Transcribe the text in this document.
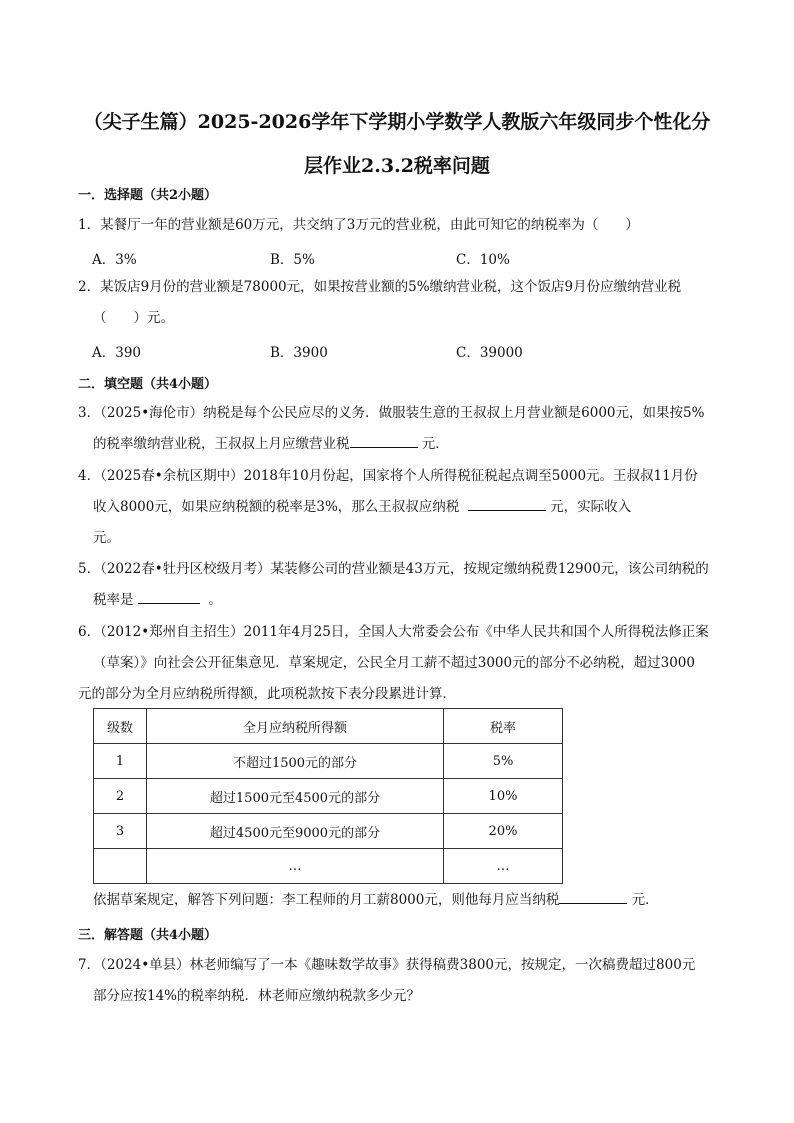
（尖子生篇）2025-2026学年下学期小学数学人教版六年级同步个性化分
层作业2.3.2税率问题
一．选择题（共2小题）
1．某餐厅一年的营业额是60万元，共交纳了3万元的营业税，由此可知它的纳税率为（　　）
A．3%	B．5%	C．10%
2．某饭店9月份的营业额是78000元，如果按营业额的5%缴纳营业税，这个饭店9月份应缴纳营业税
（　　）元。
A．390	B．3900	C．39000
二．填空题（共4小题）
3．（2025•海伦市）纳税是每个公民应尽的义务．做服装生意的王叔叔上月营业额是6000元，如果按5%
的税率缴纳营业税，王叔叔上月应缴营业税	元．
4．（2025春•余杭区期中）2018年10月份起，国家将个人所得税征税起点调至5000元。王叔叔11月份
收入8000元，如果应纳税额的税率是3%，那么王叔叔应纳税	元，实际收入
元。
5．（2022春•牡丹区校级月考）某装修公司的营业额是43万元，按规定缴纳税费12900元，该公司纳税的
税率是	。
6．（2012•郑州自主招生）2011年4月25日，全国人大常委会公布《中华人民共和国个人所得税法修正案
（草案）》向社会公开征集意见．草案规定，公民全月工薪不超过3000元的部分不必纳税，超过3000
元的部分为全月应纳税所得额，此项税款按下表分段累进计算．
级数	全月应纳税所得额	税率
1	不超过1500元的部分	5%
2	超过1500元至4500元的部分	10%
3	超过4500元至9000元的部分	20%
	…	…
依据草案规定，解答下列问题：李工程师的月工薪8000元，则他每月应当纳税	元．
三．解答题（共4小题）
7．（2024•单县）林老师编写了一本《趣味数学故事》获得稿费3800元，按规定，一次稿费超过800元
部分应按14%的税率纳税．林老师应缴纳税款多少元？
